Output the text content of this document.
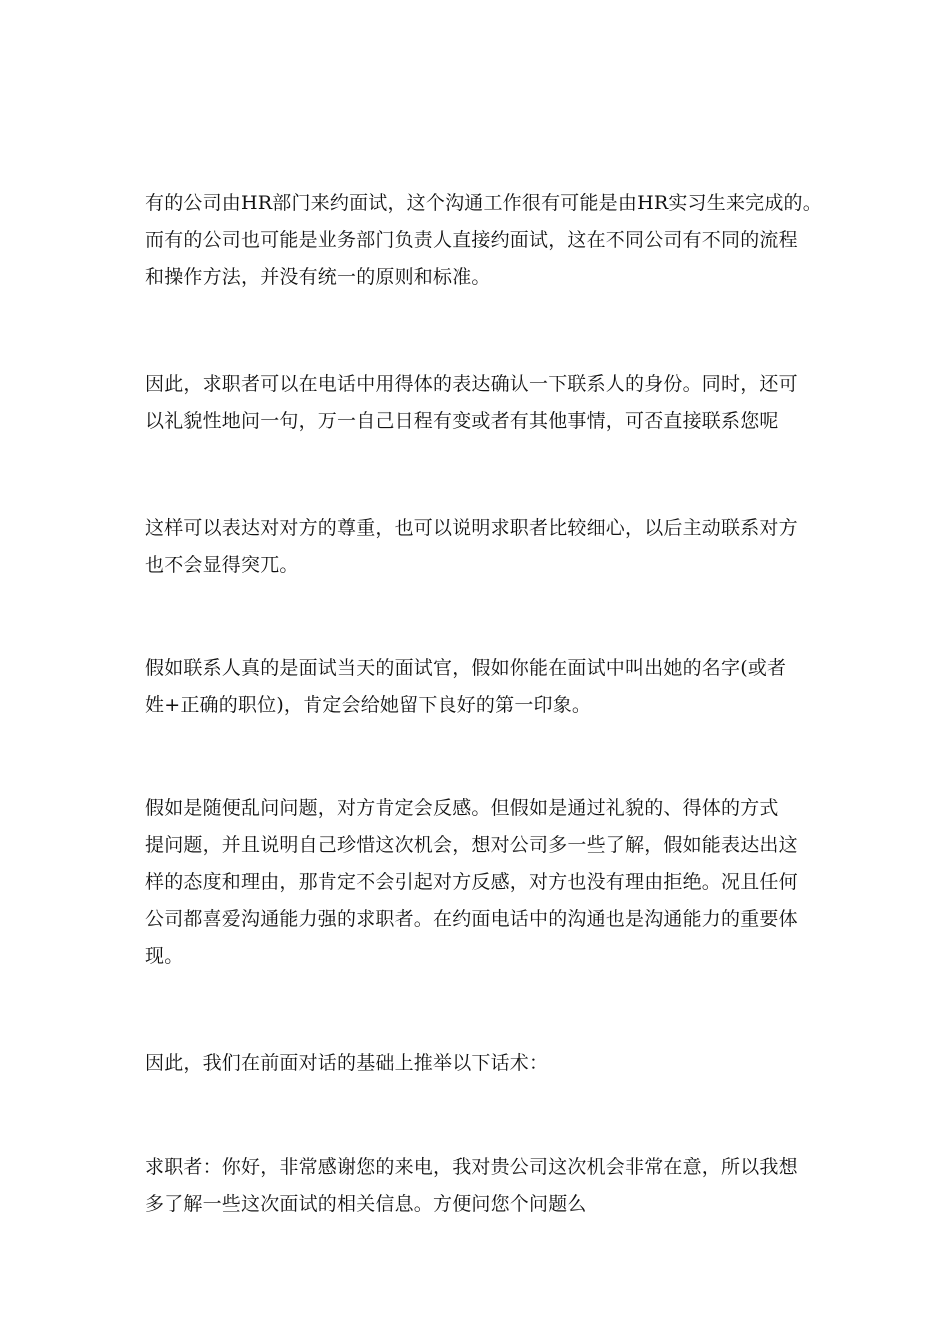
有的公司由HR部门来约面试，这个沟通工作很有可能是由HR实习生来完成的。
而有的公司也可能是业务部门负责人直接约面试，这在不同公司有不同的流程
和操作方法，并没有统一的原则和标准。

因此，求职者可以在电话中用得体的表达确认一下联系人的身份。同时，还可
以礼貌性地问一句，万一自己日程有变或者有其他事情，可否直接联系您呢

这样可以表达对对方的尊重，也可以说明求职者比较细心，以后主动联系对方
也不会显得突兀。

假如联系人真的是面试当天的面试官，假如你能在面试中叫出她的名字(或者
姓+正确的职位)，肯定会给她留下良好的第一印象。

假如是随便乱问问题，对方肯定会反感。但假如是通过礼貌的、得体的方式
提问题，并且说明自己珍惜这次机会，想对公司多一些了解，假如能表达出这
样的态度和理由，那肯定不会引起对方反感，对方也没有理由拒绝。况且任何
公司都喜爱沟通能力强的求职者。在约面电话中的沟通也是沟通能力的重要体
现。

因此，我们在前面对话的基础上推举以下话术：

求职者：你好，非常感谢您的来电，我对贵公司这次机会非常在意，所以我想
多了解一些这次面试的相关信息。方便问您个问题么
